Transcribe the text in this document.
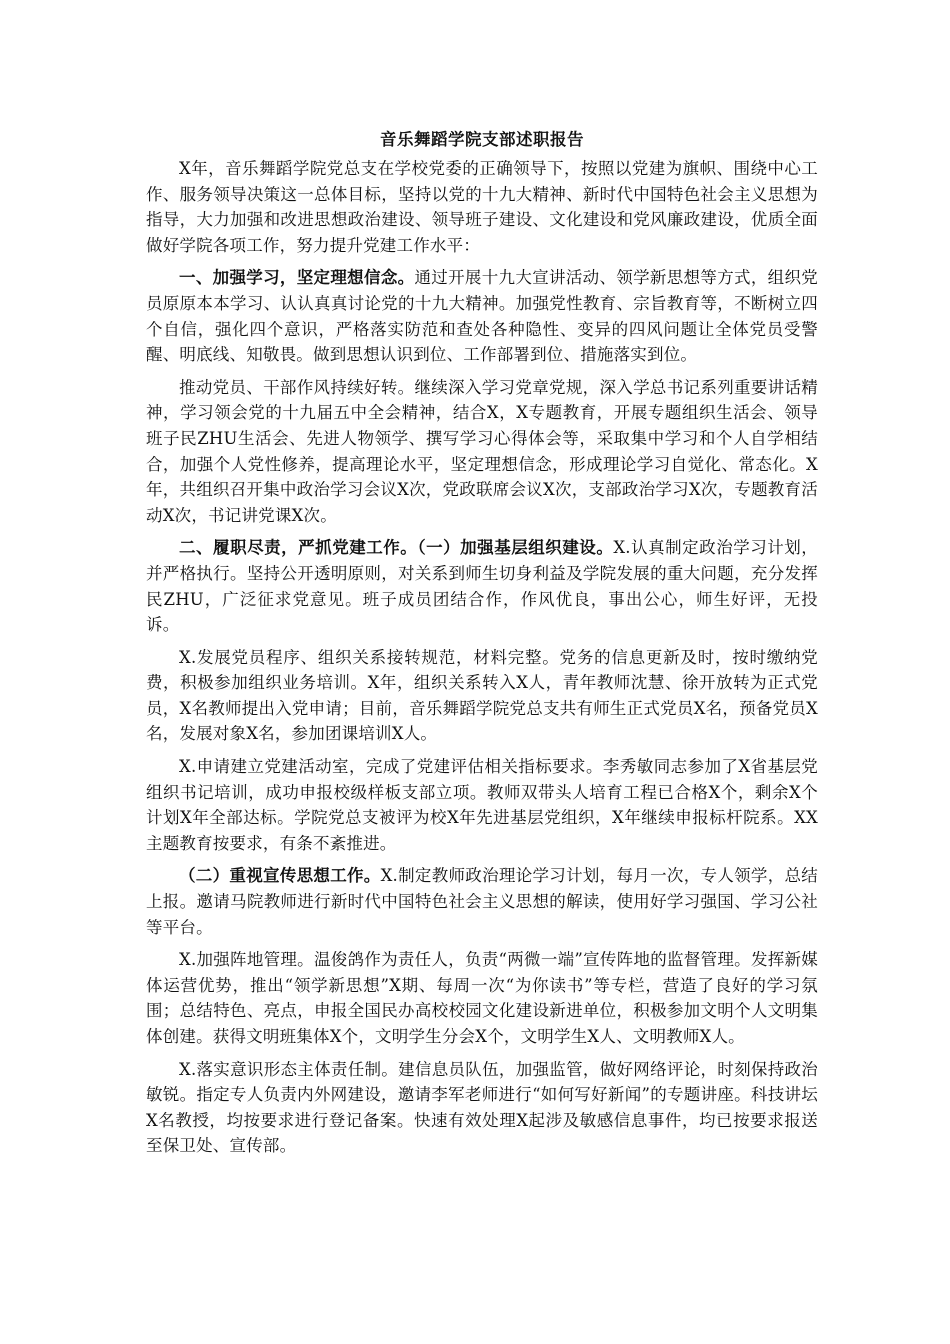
音乐舞蹈学院支部述职报告

X年，音乐舞蹈学院党总支在学校党委的正确领导下，按照以党建为旗帜、围绕中心工作、服务领导决策这一总体目标，坚持以党的十九大精神、新时代中国特色社会主义思想为指导，大力加强和改进思想政治建设、领导班子建设、文化建设和党风廉政建设，优质全面做好学院各项工作，努力提升党建工作水平：

一、加强学习，坚定理想信念。通过开展十九大宣讲活动、领学新思想等方式，组织党员原原本本学习、认认真真讨论党的十九大精神。加强党性教育、宗旨教育等，不断树立四个自信，强化四个意识，严格落实防范和查处各种隐性、变异的四风问题让全体党员受警醒、明底线、知敬畏。做到思想认识到位、工作部署到位、措施落实到位。

推动党员、干部作风持续好转。继续深入学习党章党规，深入学总书记系列重要讲话精神，学习领会党的十九届五中全会精神，结合X，X专题教育，开展专题组织生活会、领导班子民ZHU生活会、先进人物领学、撰写学习心得体会等，采取集中学习和个人自学相结合，加强个人党性修养，提高理论水平，坚定理想信念，形成理论学习自觉化、常态化。X年，共组织召开集中政治学习会议X次，党政联席会议X次，支部政治学习X次，专题教育活动X次，书记讲党课X次。

二、履职尽责，严抓党建工作。（一）加强基层组织建设。X.认真制定政治学习计划，并严格执行。坚持公开透明原则，对关系到师生切身利益及学院发展的重大问题，充分发挥民ZHU，广泛征求党意见。班子成员团结合作，作风优良，事出公心，师生好评，无投诉。

X.发展党员程序、组织关系接转规范，材料完整。党务的信息更新及时，按时缴纳党费，积极参加组织业务培训。X年，组织关系转入X人，青年教师沈慧、徐开放转为正式党员，X名教师提出入党申请；目前，音乐舞蹈学院党总支共有师生正式党员X名，预备党员X名，发展对象X名，参加团课培训X人。

X.申请建立党建活动室，完成了党建评估相关指标要求。李秀敏同志参加了X省基层党组织书记培训，成功申报校级样板支部立项。教师双带头人培育工程已合格X个，剩余X个计划X年全部达标。学院党总支被评为校X年先进基层党组织，X年继续申报标杆院系。XX主题教育按要求，有条不紊推进。

（二）重视宣传思想工作。X.制定教师政治理论学习计划，每月一次，专人领学，总结上报。邀请马院教师进行新时代中国特色社会主义思想的解读，使用好学习强国、学习公社等平台。

X.加强阵地管理。温俊鸽作为责任人，负责“两微一端”宣传阵地的监督管理。发挥新媒体运营优势，推出“领学新思想”X期、每周一次“为你读书”等专栏，营造了良好的学习氛围；总结特色、亮点，申报全国民办高校校园文化建设新进单位，积极参加文明个人文明集体创建。获得文明班集体X个，文明学生分会X个，文明学生X人、文明教师X人。

X.落实意识形态主体责任制。建信息员队伍，加强监管，做好网络评论，时刻保持政治敏锐。指定专人负责内外网建设，邀请李军老师进行“如何写好新闻”的专题讲座。科技讲坛X名教授，均按要求进行登记备案。快速有效处理X起涉及敏感信息事件，均已按要求报送至保卫处、宣传部。
